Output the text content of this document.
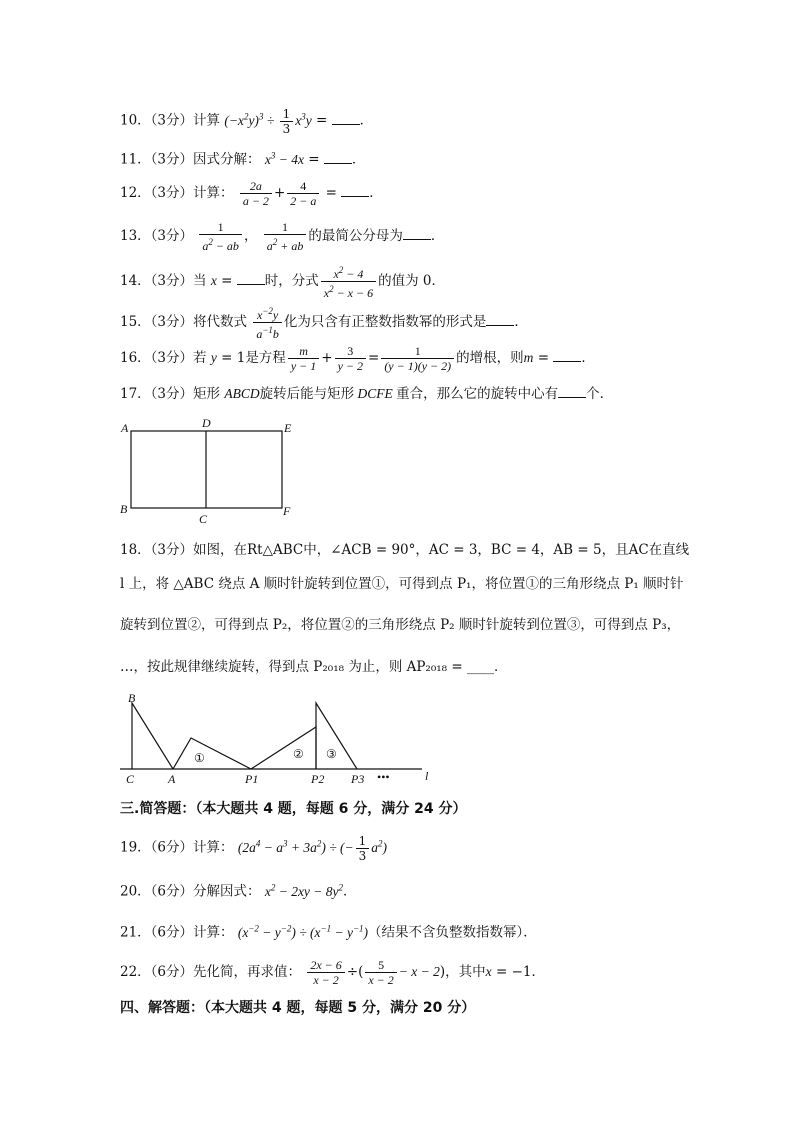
10．（3分）计算 $(-x^2y)^3 \div \frac{1}{3} x^3y$ = ．
11．（3分）因式分解： $x^3 - 4x$ = ．
12．（3分）计算： $\frac{2a}{a - 2} + \frac{4}{2 - a}$ = ．
13．（3分） $\frac{1}{a^2 - ab}$ ， $\frac{1}{a^2 + ab}$ 的最简公分母为 ．
14．（3分）当 x = 时，分式 $\frac{x^2 - 4}{x^2 - x - 6}$ 的值为 0．
15．（3分）将代数式 $\frac{x^{-2}y}{a^{-1}b}$ 化为只含有正整数指数幂的形式是 ．
16．（3分）若 y = 1是方程 $\frac{m}{y - 1} + \frac{3}{y - 2} = \frac{1}{(y - 1)(y - 2)}$ 的增根，则m = ．
17．（3分）矩形 ABCD旋转后能与矩形 DCFE 重合，那么它的旋转中心有 个．
A	D	E
B
C
F
18．（3分）如图，在Rt△ABC中，∠ACB = 90°，AC = 3，BC = 4，AB = 5，且AC在直线
l 上，将 △ABC 绕点 A 顺时针旋转到位置①，可得到点 P₁，将位置①的三角形绕点 P₁ 顺时针
旋转到位置②，可得到点 P₂，将位置②的三角形绕点 P₂ 顺时针旋转到位置③，可得到点 P₃，
…，按此规律继续旋转，得到点 P₂₀₁₈ 为止，则 AP₂₀₁₈ = ____．
B
C	A	P1	P2 P3	l
①	② ③
•••
三.简答题：（本大题共 4 题，每题 6 分，满分 24 分）
19．（6分）计算： $(2a^4 - a^3 + 3a^2)$ ÷ (− $\frac{1}{3} a^2$)
20．（6分）分解因式： $x^2 - 2xy - 8y^2$．
21．（6分）计算： $(x^{-2} - y^{-2}) \div (x^{-1} - y^{-1})$（结果不含负整数指数幂）．
22．（6分）先化简，再求值： $\frac{2x - 6}{x - 2}$ ÷( $\frac{5}{x - 2} - x - 2$)，其中x = −1．
四、解答题：（本大题共 4 题，每题 5 分，满分 20 分）
